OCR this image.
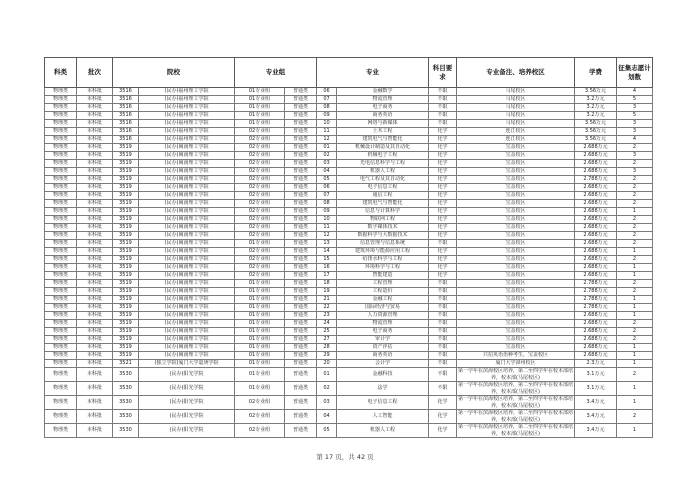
科类	批次	院校		专业组		专业		科目要求	专业备注、培养校区	学费	征集志愿计划数
物理类	本科批	3516	(民办)福州理工学院	01专业组	普通类	06	金融数学	不限	马尾校区	3.56万元	4
物理类	本科批	3516	(民办)福州理工学院	01专业组	普通类	07	物流管理	不限	马尾校区	3.2万元	5
物理类	本科批	3516	(民办)福州理工学院	01专业组	普通类	08	电子商务	不限	马尾校区	3.2万元	3
物理类	本科批	3516	(民办)福州理工学院	01专业组	普通类	09	商务英语	不限	马尾校区	3.2万元	5
物理类	本科批	3516	(民办)福州理工学院	01专业组	普通类	10	网络与新媒体	不限	马尾校区	3.56万元	3
物理类	本科批	3516	(民办)福州理工学院	02专业组	普通类	11	土木工程	化学	连江校区	3.56万元	3
物理类	本科批	3516	(民办)福州理工学院	02专业组	普通类	12	建筑电气与智能化	化学	连江校区	3.56万元	4
物理类	本科批	3519	(民办)闽南理工学院	02专业组	普通类	01	机械设计制造及其自动化	化学	宝盖校区	2.688万元	2
物理类	本科批	3519	(民办)闽南理工学院	02专业组	普通类	02	机械电子工程	化学	宝盖校区	2.688万元	3
物理类	本科批	3519	(民办)闽南理工学院	02专业组	普通类	03	光电信息科学与工程	化学	宝盖校区	2.688万元	2
物理类	本科批	3519	(民办)闽南理工学院	02专业组	普通类	04	机器人工程	化学	宝盖校区	2.688万元	3
物理类	本科批	3519	(民办)闽南理工学院	02专业组	普通类	05	电气工程及其自动化	化学	宝盖校区	2.788万元	2
物理类	本科批	3519	(民办)闽南理工学院	02专业组	普通类	06	电子信息工程	化学	宝盖校区	2.688万元	2
物理类	本科批	3519	(民办)闽南理工学院	02专业组	普通类	07	通信工程	化学	宝盖校区	2.688万元	2
物理类	本科批	3519	(民办)闽南理工学院	02专业组	普通类	08	建筑电气与智能化	化学	宝盖校区	2.688万元	2
物理类	本科批	3519	(民办)闽南理工学院	02专业组	普通类	09	信息与计算科学	化学	宝盖校区	2.688万元	1
物理类	本科批	3519	(民办)闽南理工学院	02专业组	普通类	10	物联网工程	化学	宝盖校区	2.688万元	2
物理类	本科批	3519	(民办)闽南理工学院	02专业组	普通类	11	数字媒体技术	化学	宝盖校区	2.688万元	2
物理类	本科批	3519	(民办)闽南理工学院	02专业组	普通类	12	数据科学与大数据技术	化学	宝盖校区	2.688万元	2
物理类	本科批	3519	(民办)闽南理工学院	01专业组	普通类	13	信息管理与信息系统	不限	宝盖校区	2.688万元	2
物理类	本科批	3519	(民办)闽南理工学院	02专业组	普通类	14	建筑环境与能源应用工程	化学	宝盖校区	2.688万元	1
物理类	本科批	3519	(民办)闽南理工学院	02专业组	普通类	15	给排水科学与工程	化学	宝盖校区	2.688万元	2
物理类	本科批	3519	(民办)闽南理工学院	02专业组	普通类	16	环境科学与工程	化学	宝盖校区	2.688万元	1
物理类	本科批	3519	(民办)闽南理工学院	02专业组	普通类	17	智能建造	化学	宝盖校区	2.688万元	1
物理类	本科批	3519	(民办)闽南理工学院	01专业组	普通类	18	工程管理	不限	宝盖校区	2.788万元	2
物理类	本科批	3519	(民办)闽南理工学院	01专业组	普通类	19	工程造价	不限	宝盖校区	2.788万元	2
物理类	本科批	3519	(民办)闽南理工学院	01专业组	普通类	21	金融工程	不限	宝盖校区	2.788万元	1
物理类	本科批	3519	(民办)闽南理工学院	01专业组	普通类	22	国际经济与贸易	不限	宝盖校区	2.788万元	1
物理类	本科批	3519	(民办)闽南理工学院	01专业组	普通类	23	人力资源管理	不限	宝盖校区	2.688万元	1
物理类	本科批	3519	(民办)闽南理工学院	01专业组	普通类	24	物流管理	不限	宝盖校区	2.688万元	2
物理类	本科批	3519	(民办)闽南理工学院	01专业组	普通类	25	电子商务	不限	宝盖校区	2.688万元	2
物理类	本科批	3519	(民办)闽南理工学院	01专业组	普通类	27	审计学	不限	宝盖校区	2.688万元	2
物理类	本科批	3519	(民办)闽南理工学院	01专业组	普通类	28	资产评估	不限	宝盖校区	2.688万元	1
物理类	本科批	3519	(民办)闽南理工学院	01专业组	普通类	29	商务英语	不限	只招英语语种考生，宝盖校区	2.688万元	1
物理类	本科批	3521	(独立学院)厦门大学嘉庚学院	01专业组	普通类	20	会计学	不限	厦门大学漳州校区	2.3万元	1
物理类	本科批	3530	(民办)阳光学院	01专业组	普通类	01	金融科技	不限	第一学年在滨海校区培养，第二至四学年在校本部培养，校本部(马尾校区)	3.1万元	2
物理类	本科批	3530	(民办)阳光学院	01专业组	普通类	02	法学	不限	第一学年在滨海校区培养，第二至四学年在校本部培养，校本部(马尾校区)	3.1万元	1
物理类	本科批	3530	(民办)阳光学院	02专业组	普通类	03	电子信息工程	化学	第一学年在滨海校区培养，第二至四学年在校本部培养，校本部(马尾校区)	3.4万元	1
物理类	本科批	3530	(民办)阳光学院	02专业组	普通类	04	人工智能	化学	第一学年在滨海校区培养，第二至四学年在校本部培养，校本部(马尾校区)	3.4万元	2
物理类	本科批	3530	(民办)阳光学院	02专业组	普通类	05	机器人工程	化学	第一学年在滨海校区培养，第二至四学年在校本部培养，校本部(马尾校区)	3.4万元	1
第 17 页，共 42 页
